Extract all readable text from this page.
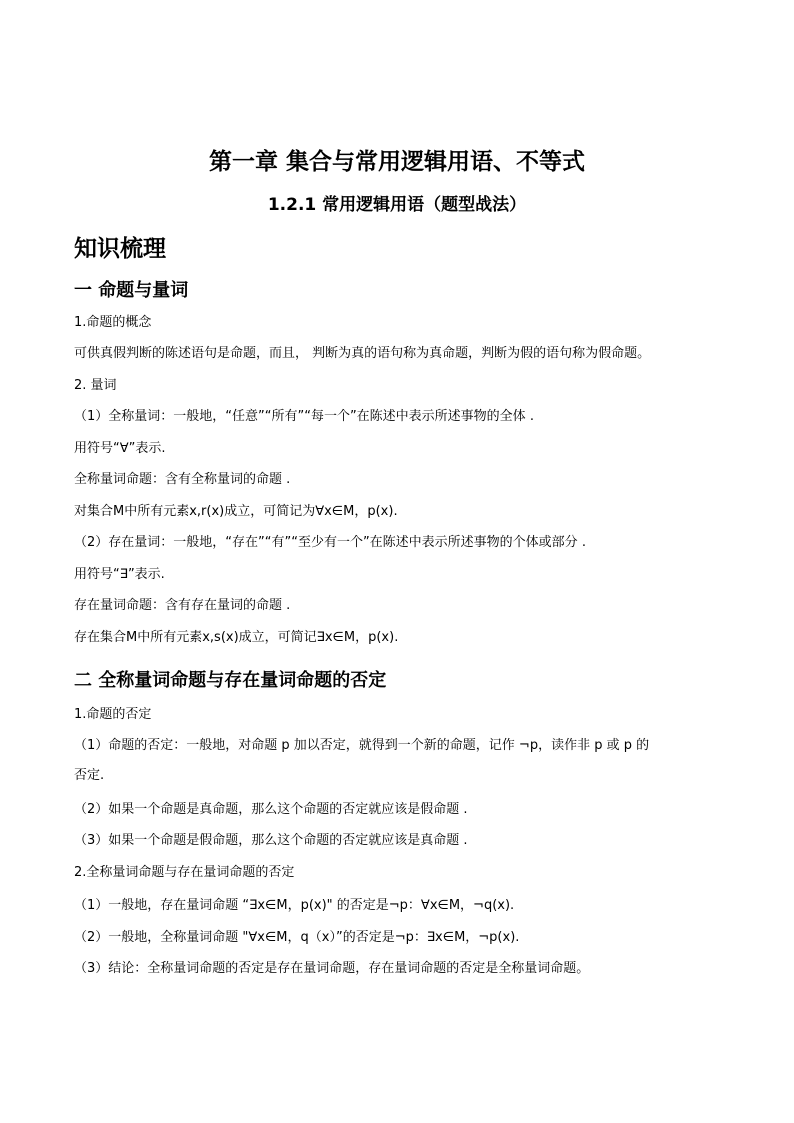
第一章 集合与常用逻辑用语、不等式
1.2.1 常用逻辑用语（题型战法）
知识梳理
一 命题与量词
1.命题的概念
可供真假判断的陈述语句是命题，而且， 判断为真的语句称为真命题，判断为假的语句称为假命题。
2. 量词
（1）全称量词：一般地，“任意”“所有”“每一个”在陈述中表示所述事物的全体 .
用符号“∀”表示.
全称量词命题：含有全称量词的命题 .
对集合M中所有元素x,r(x)成立，可简记为∀x∈M，p(x).
（2）存在量词：一般地，“存在”“有”“至少有一个”在陈述中表示所述事物的个体或部分 .
用符号“∃”表示.
存在量词命题：含有存在量词的命题 .
存在集合M中所有元素x,s(x)成立，可简记∃x∈M，p(x).
二 全称量词命题与存在量词命题的否定
1.命题的否定
（1）命题的否定：一般地，对命题 p 加以否定，就得到一个新的命题，记作 ¬p，读作非 p 或 p 的
否定.
（2）如果一个命题是真命题，那么这个命题的否定就应该是假命题 .
（3）如果一个命题是假命题，那么这个命题的否定就应该是真命题 .
2.全称量词命题与存在量词命题的否定
（1）一般地，存在量词命题 “∃x∈M，p(x)" 的否定是¬p：∀x∈M，¬q(x).
（2）一般地，全称量词命题 "∀x∈M，q（x）”的否定是¬p：∃x∈M，¬p(x).
（3）结论：全称量词命题的否定是存在量词命题，存在量词命题的否定是全称量词命题。
